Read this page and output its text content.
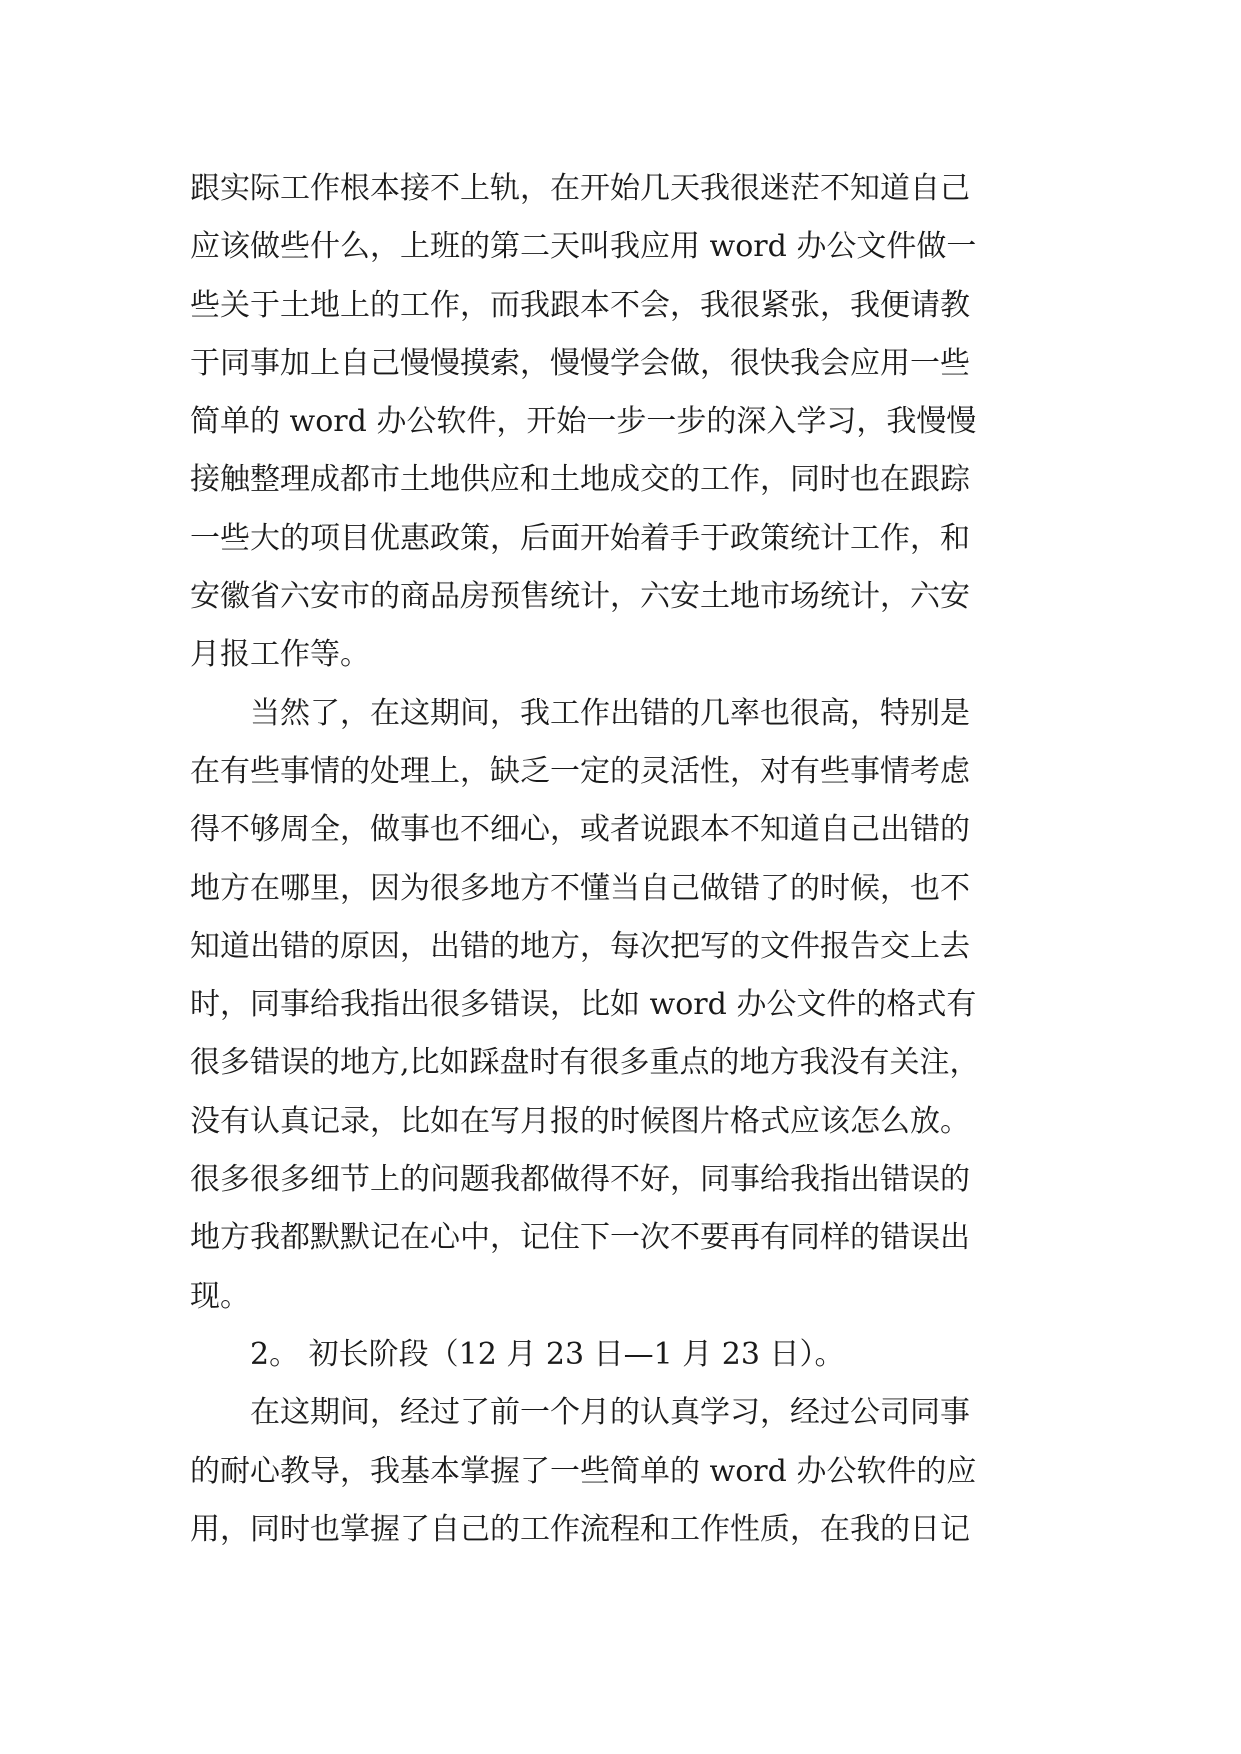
跟实际工作根本接不上轨，在开始几天我很迷茫不知道自己
应该做些什么，上班的第二天叫我应用 word 办公文件做一
些关于土地上的工作，而我跟本不会，我很紧张，我便请教
于同事加上自己慢慢摸索，慢慢学会做，很快我会应用一些
简单的 word 办公软件，开始一步一步的深入学习，我慢慢
接触整理成都市土地供应和土地成交的工作，同时也在跟踪
一些大的项目优惠政策，后面开始着手于政策统计工作，和
安徽省六安市的商品房预售统计，六安土地市场统计，六安
月报工作等。
　　当然了，在这期间，我工作出错的几率也很高，特别是
在有些事情的处理上，缺乏一定的灵活性，对有些事情考虑
得不够周全，做事也不细心，或者说跟本不知道自己出错的
地方在哪里，因为很多地方不懂当自己做错了的时候，也不
知道出错的原因，出错的地方，每次把写的文件报告交上去
时，同事给我指出很多错误，比如 word 办公文件的格式有
很多错误的地方,比如踩盘时有很多重点的地方我没有关注，
没有认真记录，比如在写月报的时候图片格式应该怎么放。
很多很多细节上的问题我都做得不好，同事给我指出错误的
地方我都默默记在心中，记住下一次不要再有同样的错误出
现。
　　2。 初长阶段（12 月 23 日—1 月 23 日）。
　　在这期间，经过了前一个月的认真学习，经过公司同事
的耐心教导，我基本掌握了一些简单的 word 办公软件的应
用，同时也掌握了自己的工作流程和工作性质，在我的日记
